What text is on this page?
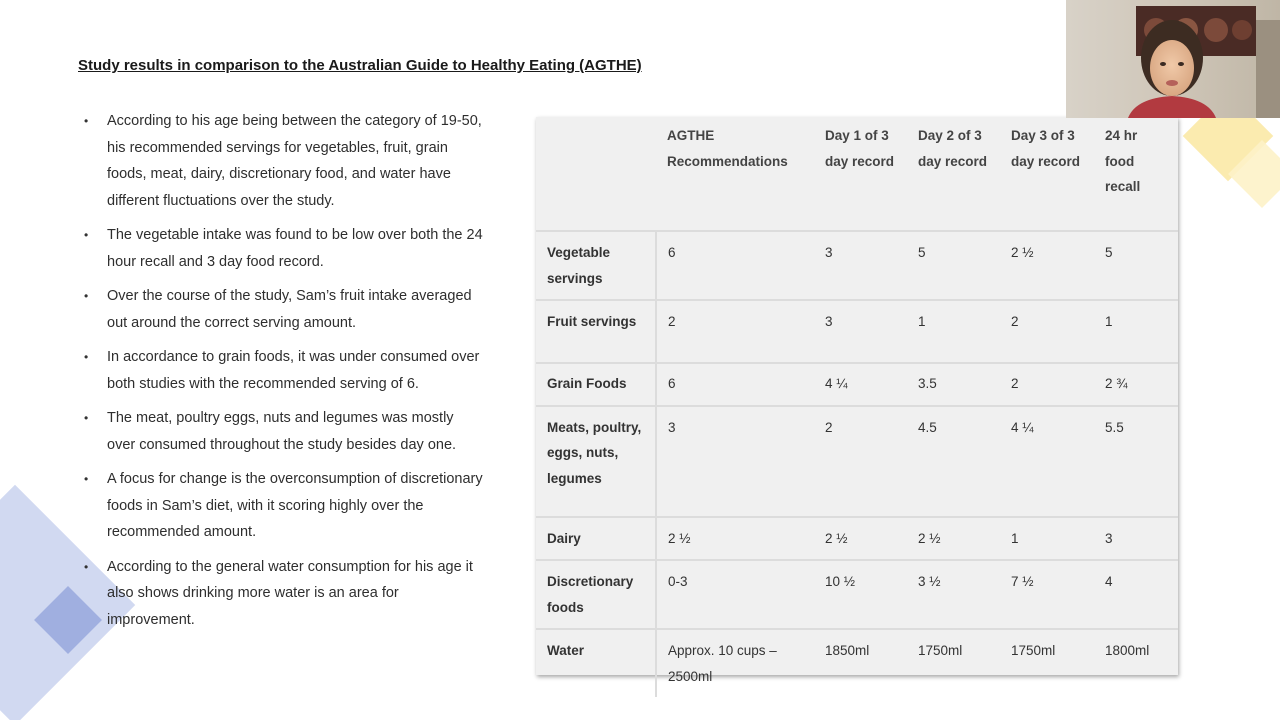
Study results in comparison to the Australian Guide to Healthy Eating (AGTHE)
• According to his age being between the category of 19-50, his recommended servings for vegetables, fruit, grain foods, meat, dairy, discretionary food, and water have different fluctuations over the study.
• The vegetable intake was found to be low over both the 24 hour recall and 3 day food record.
• Over the course of the study, Sam’s fruit intake averaged out around the correct serving amount.
• In accordance to grain foods, it was under consumed over both studies with the recommended serving of 6.
• The meat, poultry eggs, nuts and legumes was mostly over consumed throughout the study besides day one.
• A focus for change is the overconsumption of discretionary foods in Sam’s diet, with it scoring highly over the recommended amount.
• According to the general water consumption for his age it also shows drinking more water is an area for improvement.
	AGTHE Recommendations	Day 1 of 3 day record	Day 2 of 3 day record	Day 3 of 3 day record	24 hr food recall
Vegetable servings	6	3	5	2 ½	5
Fruit servings	2	3	1	2	1
Grain Foods	6	4 ¼	3.5	2	2 ¾
Meats, poultry, eggs, nuts, legumes	3	2	4.5	4 ¼	5.5
Dairy	2 ½	2 ½	2 ½	1	3
Discretionary foods	0-3	10 ½	3 ½	7 ½	4
Water	Approx. 10 cups – 2500ml	1850ml	1750ml	1750ml	1800ml
